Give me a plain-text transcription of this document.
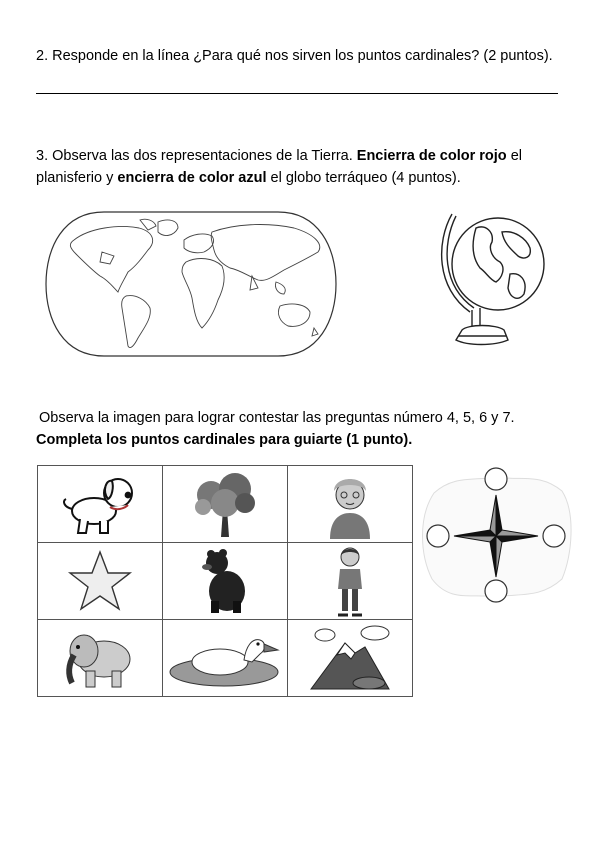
2. Responde en la línea ¿Para qué nos sirven los puntos cardinales? (2 puntos).
3. Observa las dos representaciones de la Tierra. Encierra de color rojo el
planisferio y encierra de color azul el globo terráqueo (4 puntos).
Observa la imagen para lograr contestar las preguntas número 4, 5, 6 y 7.
Completa los puntos cardinales para guiarte (1 punto).
